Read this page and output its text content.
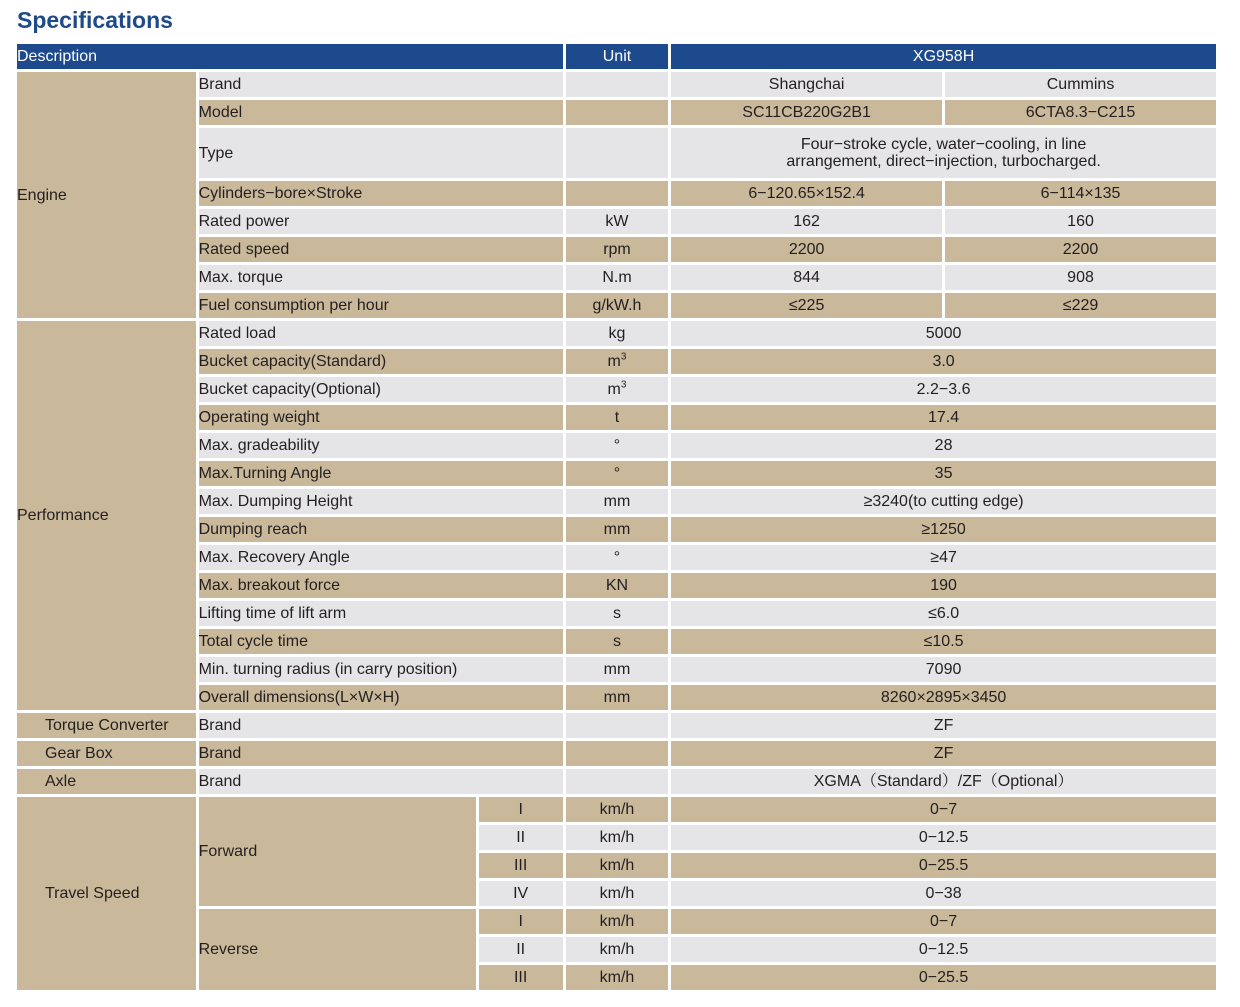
Specifications
Description			Unit	XG958H	
Engine	Brand			Shangchai	Cummins
	Model			SC11CB220G2B1	6CTA8.3−C215
	Type			Four−stroke cycle, water−cooling, in line
arrangement, direct−injection, turbocharged.	
	Cylinders−bore×Stroke			6−120.65×152.4	6−114×135
	Rated power		kW	162	160
	Rated speed		rpm	2200	2200
	Max. torque		N.m	844	908
	Fuel consumption per hour		g/kW.h	≤225	≤229
Performance	Rated load		kg	5000	
	Bucket capacity(Standard)		$m^3$	3.0	
	Bucket capacity(Optional)		$m^3$	2.2−3.6	
	Operating weight		t	17.4	
	Max. gradeability		°	28	
	Max.Turning Angle		°	35	
	Max. Dumping Height		mm	≥3240(to cutting edge)	
	Dumping reach		mm	≥1250	
	Max. Recovery Angle		°	≥47	
	Max. breakout force		KN	190	
	Lifting time of lift arm		s	≤6.0	
	Total cycle time		s	≤10.5	
	Min. turning radius (in carry position)		mm	7090	
	Overall dimensions(L×W×H)		mm	8260×2895×3450	
Torque Converter	Brand			ZF	
Gear Box	Brand			ZF	
Axle	Brand			XGMA（Standard）/ZF（Optional）	
Travel Speed	Forward	I	km/h	0−7	
		II	km/h	0−12.5	
		III	km/h	0−25.5	
		IV	km/h	0−38	
	Reverse	I	km/h	0−7	
		II	km/h	0−12.5	
		III	km/h	0−25.5	
